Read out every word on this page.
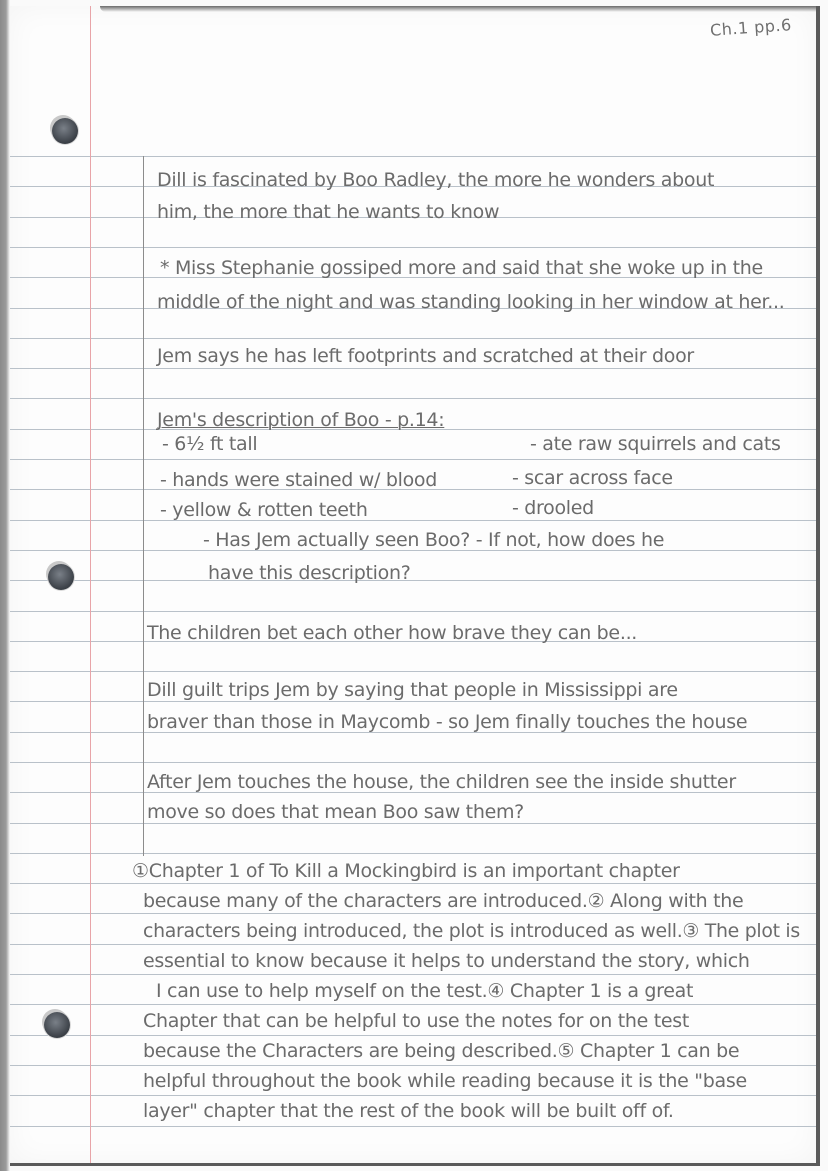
Ch.1 pp.6
Dill is fascinated by Boo Radley, the more he wonders about
him, the more that he wants to know
* Miss Stephanie gossiped more and said that she woke up in the
middle of the night and was standing looking in her window at her...
Jem says he has left footprints and scratched at their door
Jem's description of Boo - p.14:
- 6½ ft tall
- hands were stained w/ blood
- yellow & rotten teeth
- ate raw squirrels and cats
- scar across face
- drooled
- Has Jem actually seen Boo? - If not, how does he
have this description?
The children bet each other how brave they can be...
Dill guilt trips Jem by saying that people in Mississippi are
braver than those in Maycomb - so Jem finally touches the house
After Jem touches the house, the children see the inside shutter
move so does that mean Boo saw them?
①Chapter 1 of To Kill a Mockingbird is an important chapter
because many of the characters are introduced.② Along with the
characters being introduced, the plot is introduced as well.③ The plot is
essential to know because it helps to understand the story, which
I can use to help myself on the test.④ Chapter 1 is a great
Chapter that can be helpful to use the notes for on the test
because the Characters are being described.⑤ Chapter 1 can be
helpful throughout the book while reading because it is the "base
layer" chapter that the rest of the book will be built off of.
